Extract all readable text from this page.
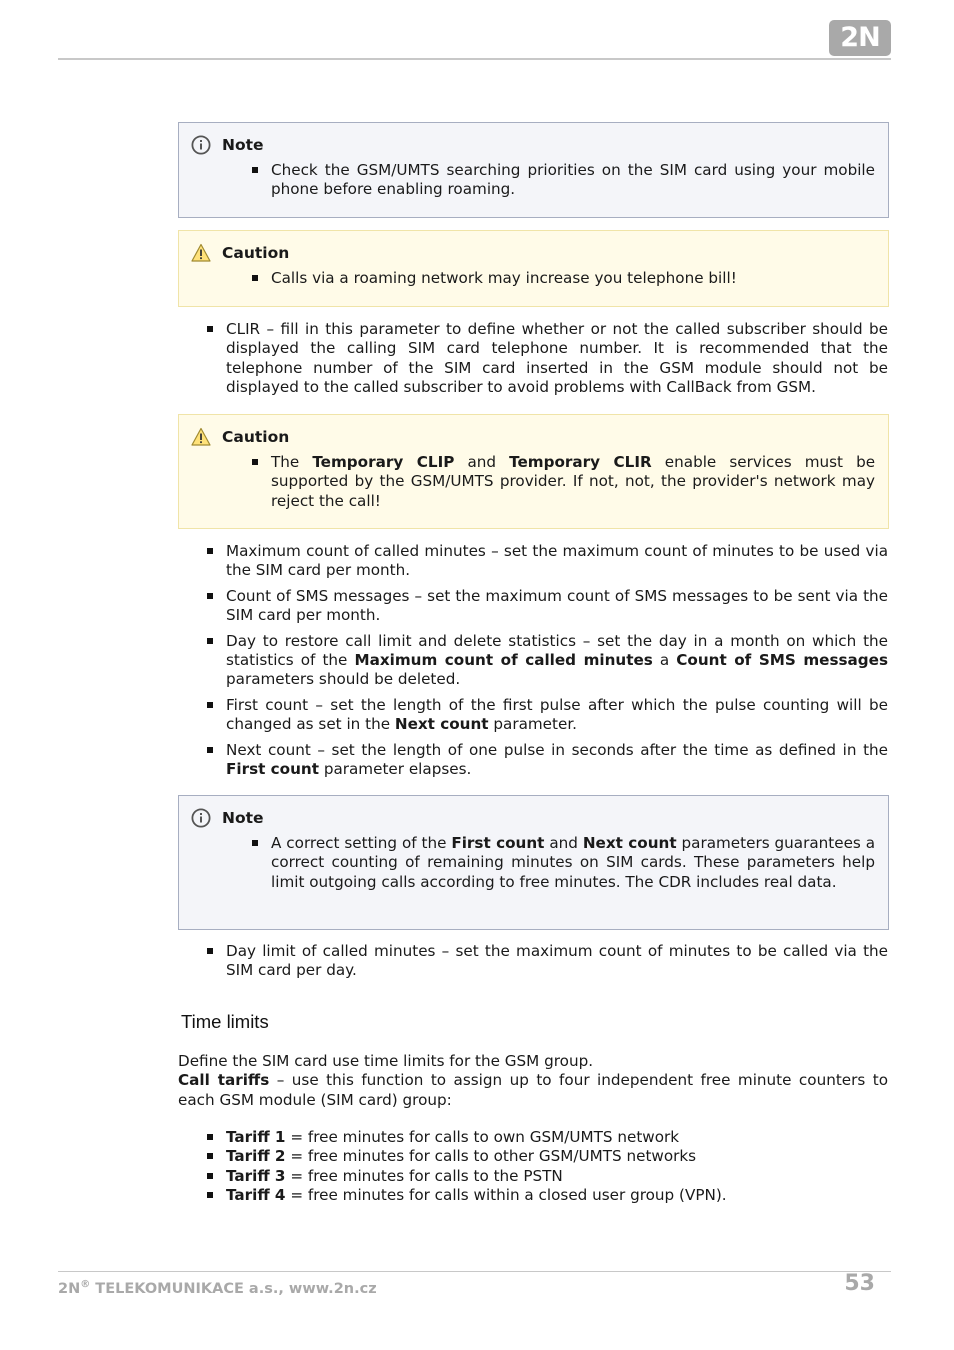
2N
Note
Check the GSM/UMTS searching priorities on the SIM card using your mobile phone before enabling roaming.
Caution
Calls via a roaming network may increase you telephone bill!
CLIR – fill in this parameter to define whether or not the called subscriber should be displayed the calling SIM card telephone number. It is recommended that the telephone number of the SIM card inserted in the GSM module should not be displayed to the called subscriber to avoid problems with CallBack from GSM.
Caution
The Temporary CLIP and Temporary CLIR enable services must be supported by the GSM/UMTS provider. If not, not, the provider's network may reject the call!
Maximum count of called minutes – set the maximum count of minutes to be used via the SIM card per month.
Count of SMS messages – set the maximum count of SMS messages to be sent via the SIM card per month.
Day to restore call limit and delete statistics – set the day in a month on which the statistics of the Maximum count of called minutes a Count of SMS messages parameters should be deleted.
First count – set the length of the first pulse after which the pulse counting will be changed as set in the Next count parameter.
Next count – set the length of one pulse in seconds after the time as defined in the First count parameter elapses.
Note
A correct setting of the First count and Next count parameters guarantees a correct counting of remaining minutes on SIM cards. These parameters help limit outgoing calls according to free minutes. The CDR includes real data.
Day limit of called minutes – set the maximum count of minutes to be called via the SIM card per day.
Time limits
Define the SIM card use time limits for the GSM group.
Call tariffs – use this function to assign up to four independent free minute counters to each GSM module (SIM card) group:
Tariff 1 = free minutes for calls to own GSM/UMTS network
Tariff 2 = free minutes for calls to other GSM/UMTS networks
Tariff 3 = free minutes for calls to the PSTN
Tariff 4 = free minutes for calls within a closed user group (VPN).
2N® TELEKOMUNIKACE a.s., www.2n.cz	53
